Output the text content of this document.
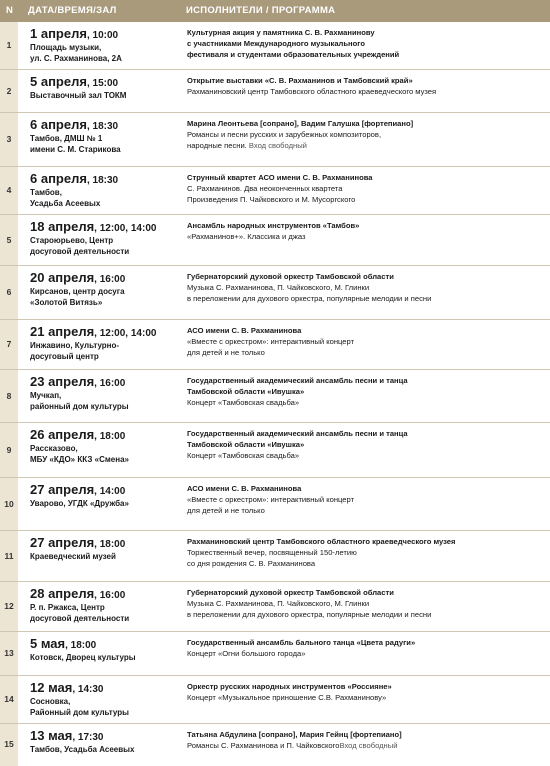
N ДАТА/ВРЕМЯ/ЗАЛ	ИСПОЛНИТЕЛИ / ПРОГРАММА
1
1 апреля, 10:00
Площадь музыки,
ул. С. Рахманинова, 2А
Культурная акция у памятника С. В. Рахманинову
с участниками Международного музыкального
фестиваля и студентами образовательных учреждений
2
5 апреля, 15:00
Выставочный зал ТОКМ
Открытие выставки «С. В. Рахманинов и Тамбовский край»
Рахманиновский центр Тамбовского областного краеведческого музея
3
6 апреля, 18:30
Тамбов, ДМШ № 1
имени С. М. Старикова
Марина Леонтьева [сопрано], Вадим Галушка [фортепиано]
Романсы и песни русских и зарубежных композиторов,
народные песни. Вход свободный
4
6 апреля, 18:30
Тамбов,
Усадьба Асеевых
Струнный квартет АСО имени С. В. Рахманинова
С. Рахманинов. Два неоконченных квартета
Произведения П. Чайковского и М. Мусоргского
5
18 апреля, 12:00, 14:00
Староюрьево, Центр
досуговой деятельности
Ансамбль народных инструментов «Тамбов»
«Рахманинов+». Классика и джаз
6
20 апреля, 16:00
Кирсанов, центр досуга
«Золотой Витязь»
Губернаторский духовой оркестр Тамбовской области
Музыка С. Рахманинова, П. Чайковского, М. Глинки
в переложении для духового оркестра, популярные мелодии и песни
7
21 апреля, 12:00, 14:00
Инжавино, Культурно-
досуговый центр
АСО имени С. В. Рахманинова
«Вместе с оркестром»: интерактивный концерт
для детей и не только
8
23 апреля, 16:00
Мучкап,
районный дом культуры
Государственный академический ансамбль песни и танца
Тамбовской области «Ивушка»
Концерт «Тамбовская свадьба»
9
26 апреля, 18:00
Рассказово,
МБУ «КДО» ККЗ «Смена»
Государственный академический ансамбль песни и танца
Тамбовской области «Ивушка»
Концерт «Тамбовская свадьба»
10
27 апреля, 14:00
Уварово, УГДК «Дружба»
АСО имени С. В. Рахманинова
«Вместе с оркестром»: интерактивный концерт
для детей и не только
11
27 апреля, 18:00
Краеведческий музей
Рахманиновский центр Тамбовского областного краеведческого музея
Торжественный вечер, посвященный 150-летию
со дня рождения С. В. Рахманинова
12
28 апреля, 16:00
Р. п. Ржакса, Центр
досуговой деятельности
Губернаторский духовой оркестр Тамбовской области
Музыка С. Рахманинова, П. Чайковского, М. Глинки
в переложении для духового оркестра, популярные мелодии и песни
13
5 мая, 18:00
Котовск, Дворец культуры
Государственный ансамбль бального танца «Цвета радуги»
Концерт «Огни большого города»
14
12 мая, 14:30
Сосновка,
Районный дом культуры
Оркестр русских народных инструментов «Россияне»
Концерт «Музыкальное приношение С.В. Рахманинову»
15
13 мая, 17:30
Тамбов, Усадьба Асеевых
Татьяна Абдулина [сопрано], Мария Гейнц [фортепиано]
Романсы С. Рахманинова и П. ЧайковскогоВход свободный
